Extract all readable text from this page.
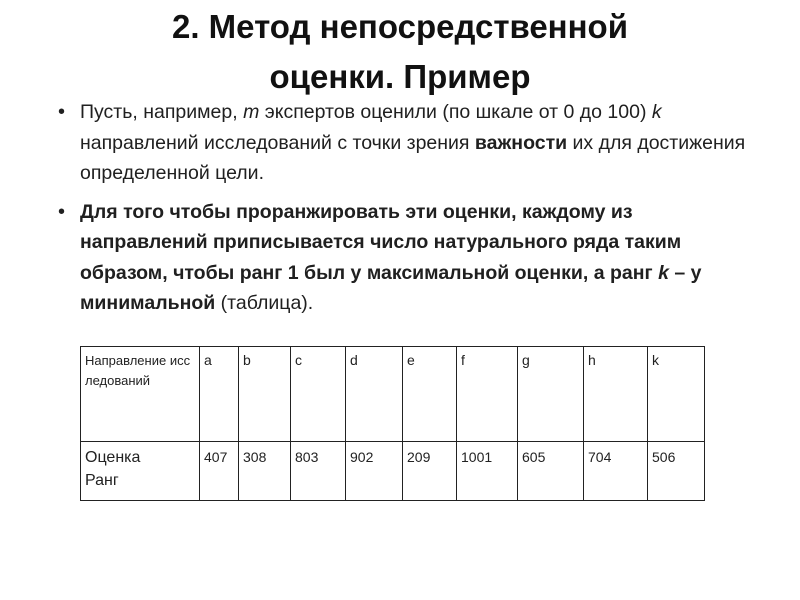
2. Метод непосредственной
оценки. Пример
• Пусть, например, m экспертов оценили (по шкале от 0 до 100) k направлений исследований с точки зрения важности их для достижения определенной цели.
• Для того чтобы проранжировать эти оценки, каждому из направлений приписывается число натурального ряда таким образом, чтобы ранг 1 был у максимальной оценки, а ранг k – у минимальной (таблица).
Направление исследований	a	b	c	d	e	f	g	h	k

Оценка
Ранг	407	308	803	902	209	1001	605	704	506
